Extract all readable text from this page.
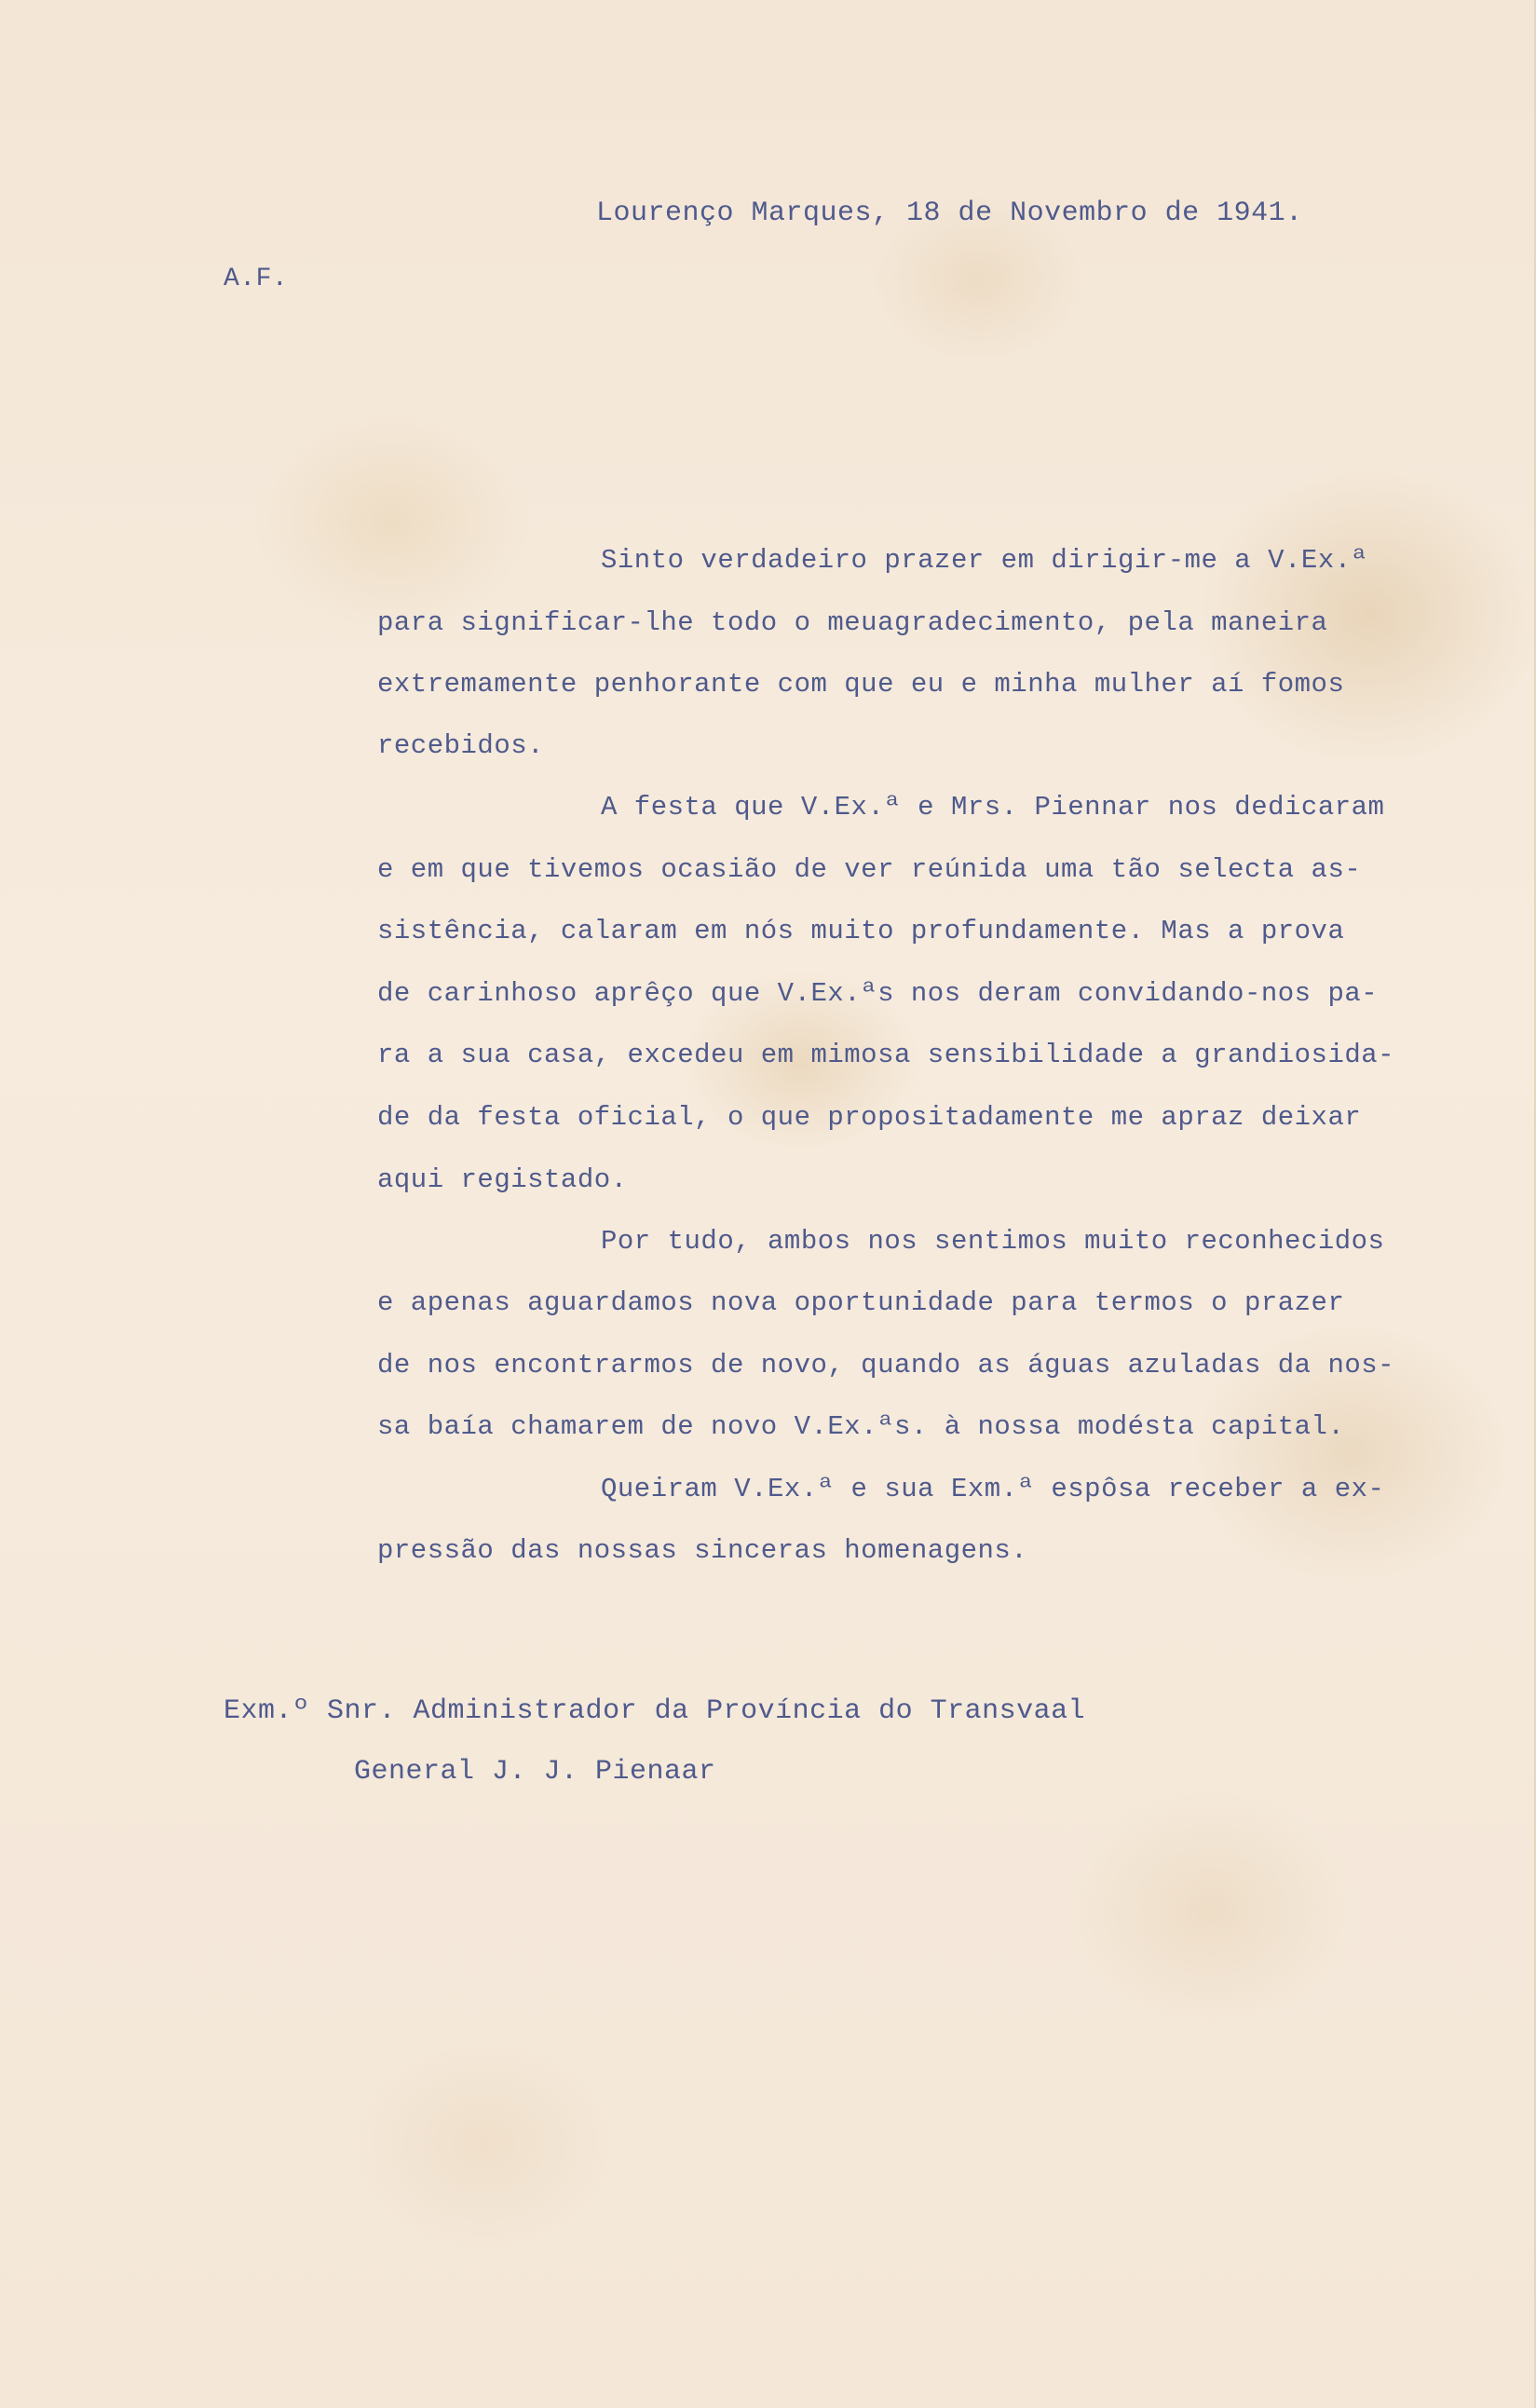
Lourenço Marques, 18 de Novembro de 1941.
A.F.
Sinto verdadeiro prazer em dirigir-me a V.Ex.ª
para significar-lhe todo o meuagradecimento, pela maneira
extremamente penhorante com que eu e minha mulher aí fomos
recebidos.
A festa que V.Ex.ª e Mrs. Piennar nos dedicaram
e em que tivemos ocasião de ver reúnida uma tão selecta as-
sistência, calaram em nós muito profundamente. Mas a prova
de carinhoso aprêço que V.Ex.ªs nos deram convidando-nos pa-
ra a sua casa, excedeu em mimosa sensibilidade a grandiosida-
de da festa oficial, o que propositadamente me apraz deixar
aqui registado.
Por tudo, ambos nos sentimos muito reconhecidos
e apenas aguardamos nova oportunidade para termos o prazer
de nos encontrarmos de novo, quando as águas azuladas da nos-
sa baía chamarem de novo V.Ex.ªs. à nossa modésta capital.
Queiram V.Ex.ª e sua Exm.ª espôsa receber a ex-
pressão das nossas sinceras homenagens.
Exm.º Snr. Administrador da Província do Transvaal
General J. J. Pienaar
